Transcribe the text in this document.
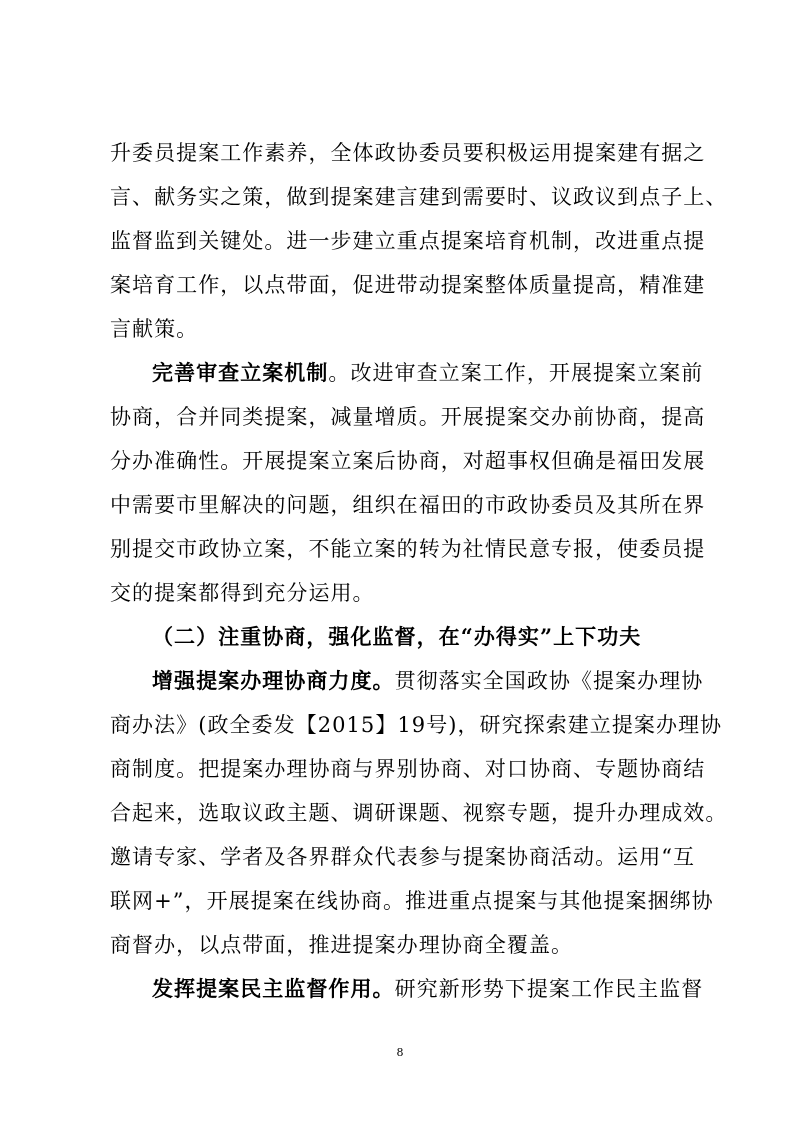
升委员提案工作素养，全体政协委员要积极运用提案建有据之
言、献务实之策，做到提案建言建到需要时、议政议到点子上、
监督监到关键处。进一步建立重点提案培育机制，改进重点提
案培育工作，以点带面，促进带动提案整体质量提高，精准建
言献策。
完善审查立案机制。改进审查立案工作，开展提案立案前
协商，合并同类提案，减量增质。开展提案交办前协商，提高
分办准确性。开展提案立案后协商，对超事权但确是福田发展
中需要市里解决的问题，组织在福田的市政协委员及其所在界
别提交市政协立案，不能立案的转为社情民意专报，使委员提
交的提案都得到充分运用。
（二）注重协商，强化监督，在“办得实”上下功夫
增强提案办理协商力度。贯彻落实全国政协《提案办理协
商办法》(政全委发【2015】19号)，研究探索建立提案办理协
商制度。把提案办理协商与界别协商、对口协商、专题协商结
合起来，选取议政主题、调研课题、视察专题，提升办理成效。
邀请专家、学者及各界群众代表参与提案协商活动。运用“互
联网+”，开展提案在线协商。推进重点提案与其他提案捆绑协
商督办，以点带面，推进提案办理协商全覆盖。
发挥提案民主监督作用。研究新形势下提案工作民主监督
8
